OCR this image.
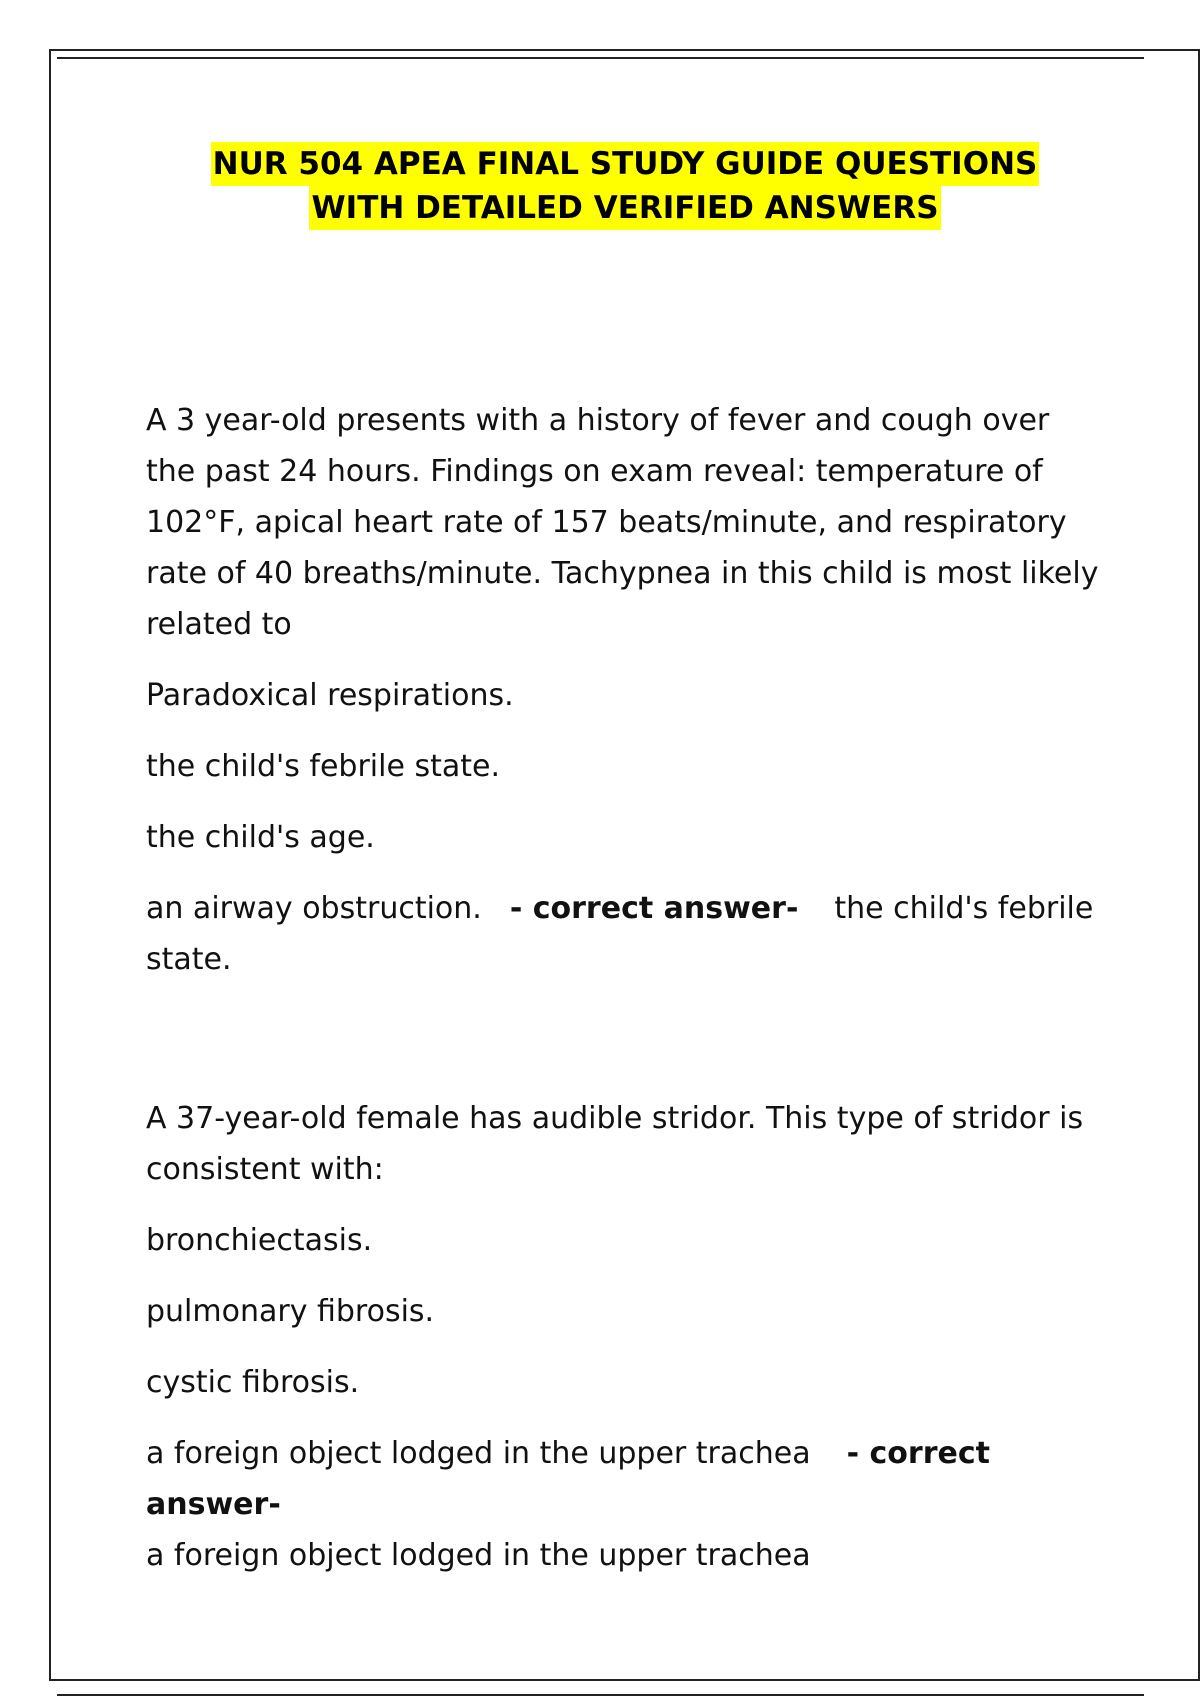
NUR 504 APEA FINAL STUDY GUIDE QUESTIONS
WITH DETAILED VERIFIED ANSWERS

A 3 year-old presents with a history of fever and cough over the past 24 hours. Findings on exam reveal: temperature of 102°F, apical heart rate of 157 beats/minute, and respiratory rate of 40 breaths/minute. Tachypnea in this child is most likely related to

Paradoxical respirations.

the child's febrile state.

the child's age.

an airway obstruction. - correct answer- the child's febrile state.

A 37-year-old female has audible stridor. This type of stridor is consistent with:

bronchiectasis.

pulmonary fibrosis.

cystic fibrosis.

a foreign object lodged in the upper trachea - correct answer-
a foreign object lodged in the upper trachea
